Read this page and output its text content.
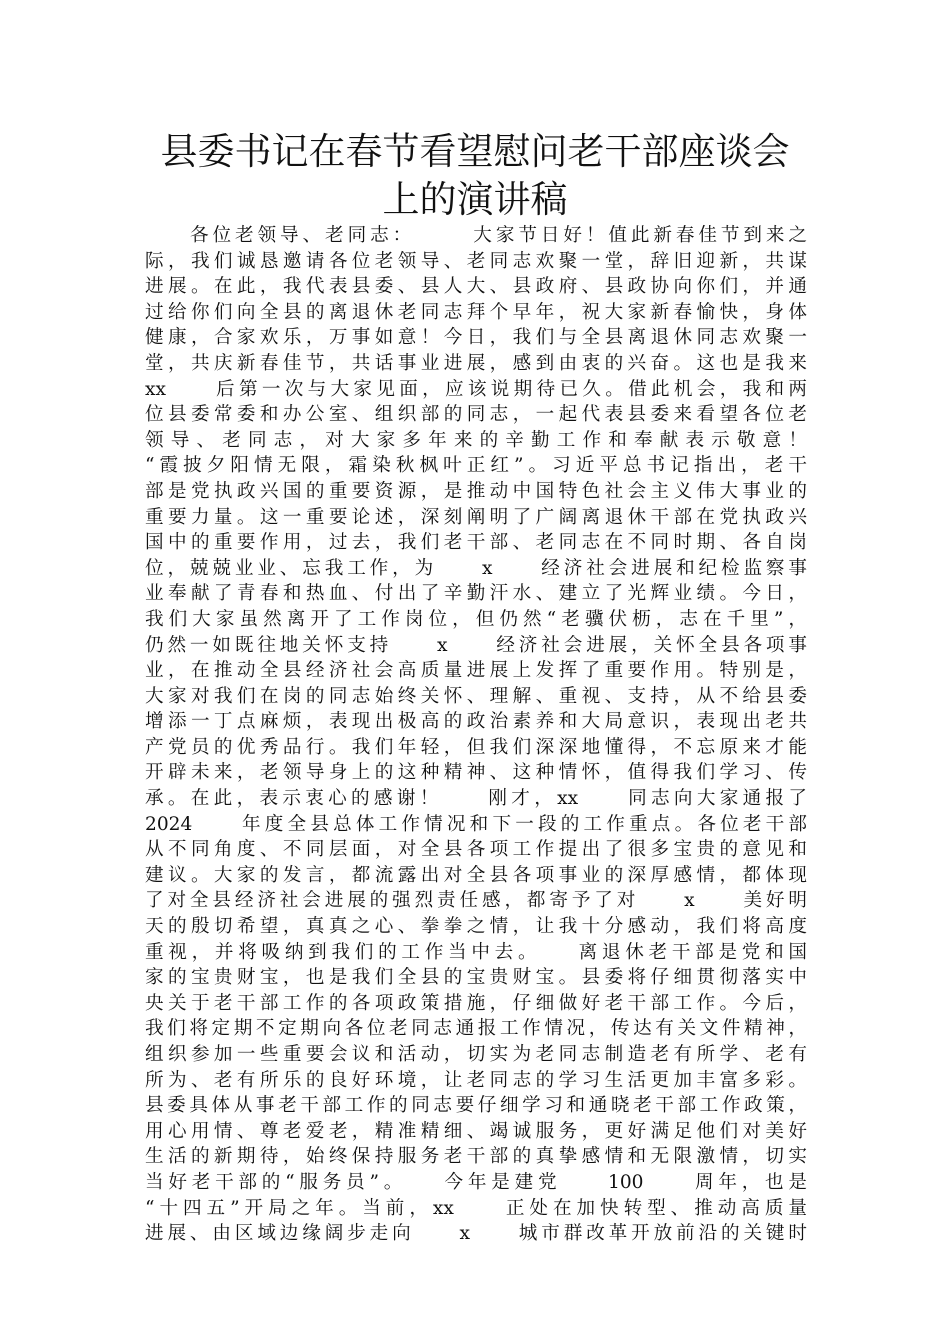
县委书记在春节看望慰问老干部座谈会
上的演讲稿
　　各位老领导、老同志：　　　大家节日好！值此新春佳节到来之
际，我们诚恳邀请各位老领导、老同志欢聚一堂，辞旧迎新，共谋
进展。在此，我代表县委、县人大、县政府、县政协向你们，并通
过给你们向全县的离退休老同志拜个早年，祝大家新春愉快，身体
健康，合家欢乐，万事如意！今日，我们与全县离退休同志欢聚一
堂，共庆新春佳节，共话事业进展，感到由衷的兴奋。这也是我来
xx　　后第一次与大家见面，应该说期待已久。借此机会，我和两
位县委常委和办公室、组织部的同志，一起代表县委来看望各位老
领导、老同志，对大家多年来的辛勤工作和奉献表示敬意！
“霞披夕阳情无限，霜染秋枫叶正红”。习近平总书记指出，老干
部是党执政兴国的重要资源，是推动中国特色社会主义伟大事业的
重要力量。这一重要论述，深刻阐明了广阔离退休干部在党执政兴
国中的重要作用，过去，我们老干部、老同志在不同时期、各自岗
位，兢兢业业、忘我工作，为　　x　　经济社会进展和纪检监察事
业奉献了青春和热血、付出了辛勤汗水、建立了光辉业绩。今日，
我们大家虽然离开了工作岗位，但仍然“老骥伏枥，志在千里”，
仍然一如既往地关怀支持　　x　　经济社会进展，关怀全县各项事
业，在推动全县经济社会高质量进展上发挥了重要作用。特别是，
大家对我们在岗的同志始终关怀、理解、重视、支持，从不给县委
增添一丁点麻烦，表现出极高的政治素养和大局意识，表现出老共
产党员的优秀品行。我们年轻，但我们深深地懂得，不忘原来才能
开辟未来，老领导身上的这种精神、这种情怀，值得我们学习、传
承。在此，表示衷心的感谢！　　刚才，xx　　同志向大家通报了
2024　　年度全县总体工作情况和下一段的工作重点。各位老干部
从不同角度、不同层面，对全县各项工作提出了很多宝贵的意见和
建议。大家的发言，都流露出对全县各项事业的深厚感情，都体现
了对全县经济社会进展的强烈责任感，都寄予了对　　x　　美好明
天的殷切希望，真真之心、拳拳之情，让我十分感动，我们将高度
重视，并将吸纳到我们的工作当中去。　　离退休老干部是党和国
家的宝贵财宝，也是我们全县的宝贵财宝。县委将仔细贯彻落实中
央关于老干部工作的各项政策措施，仔细做好老干部工作。今后，
我们将定期不定期向各位老同志通报工作情况，传达有关文件精神，
组织参加一些重要会议和活动，切实为老同志制造老有所学、老有
所为、老有所乐的良好环境，让老同志的学习生活更加丰富多彩。
县委具体从事老干部工作的同志要仔细学习和通晓老干部工作政策，
用心用情、尊老爱老，精准精细、竭诚服务，更好满足他们对美好
生活的新期待，始终保持服务老干部的真挚感情和无限激情，切实
当好老干部的“服务员”。　　今年是建党　　100　　周年，也是
“十四五”开局之年。当前，xx　　正处在加快转型、推动高质量
进展、由区域边缘阔步走向　　x　　城市群改革开放前沿的关键时
